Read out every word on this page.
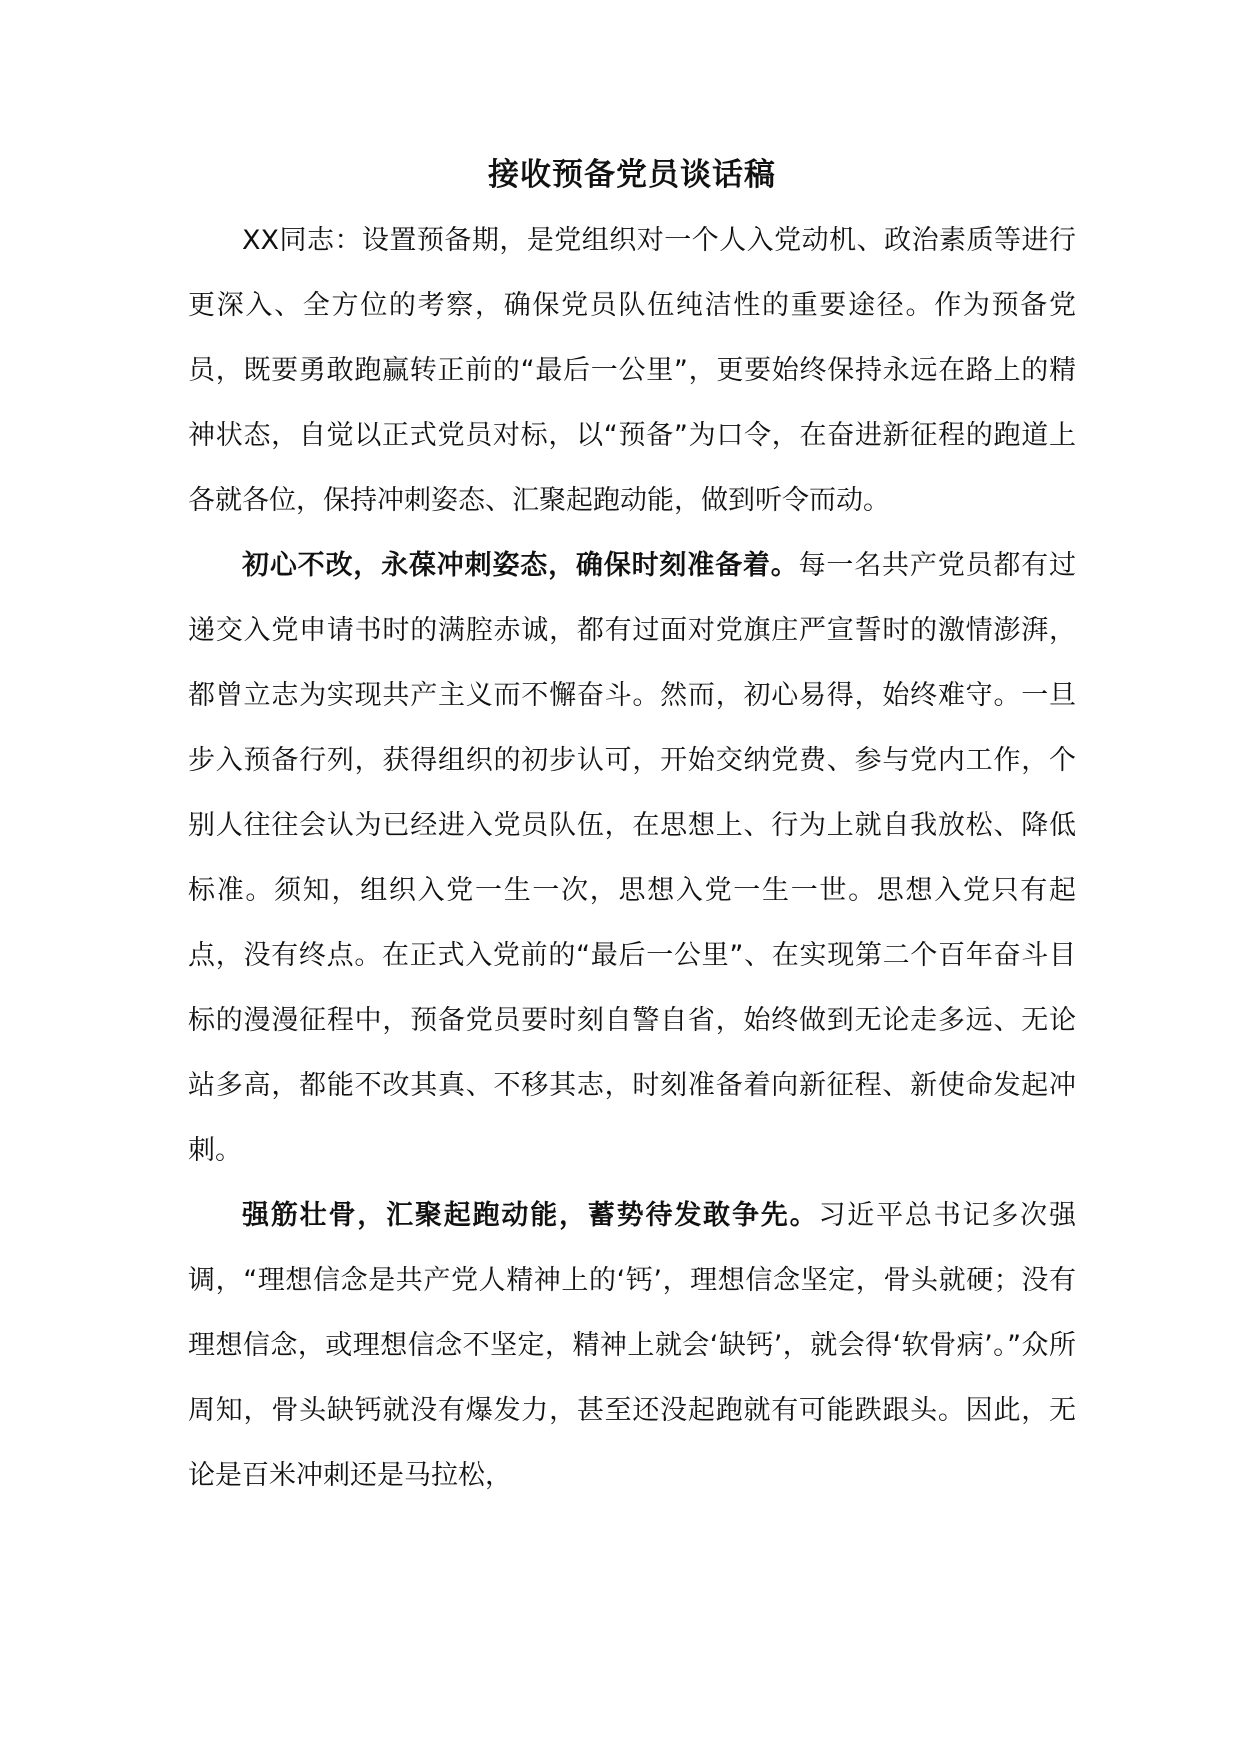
接收预备党员谈话稿

XX同志：设置预备期，是党组织对一个人入党动机、政治素质等进行更深入、全方位的考察，确保党员队伍纯洁性的重要途径。作为预备党员，既要勇敢跑赢转正前的“最后一公里”，更要始终保持永远在路上的精神状态，自觉以正式党员对标，以“预备”为口令，在奋进新征程的跑道上各就各位，保持冲刺姿态、汇聚起跑动能，做到听令而动。

初心不改，永葆冲刺姿态，确保时刻准备着。每一名共产党员都有过递交入党申请书时的满腔赤诚，都有过面对党旗庄严宣誓时的激情澎湃，都曾立志为实现共产主义而不懈奋斗。然而，初心易得，始终难守。一旦步入预备行列，获得组织的初步认可，开始交纳党费、参与党内工作，个别人往往会认为已经进入党员队伍，在思想上、行为上就自我放松、降低标准。须知，组织入党一生一次，思想入党一生一世。思想入党只有起点，没有终点。在正式入党前的“最后一公里”、在实现第二个百年奋斗目标的漫漫征程中，预备党员要时刻自警自省，始终做到无论走多远、无论站多高，都能不改其真、不移其志，时刻准备着向新征程、新使命发起冲刺。

强筋壮骨，汇聚起跑动能，蓄势待发敢争先。习近平总书记多次强调，“理想信念是共产党人精神上的‘钙’，理想信念坚定，骨头就硬；没有理想信念，或理想信念不坚定，精神上就会‘缺钙’，就会得‘软骨病’。”众所周知，骨头缺钙就没有爆发力，甚至还没起跑就有可能跌跟头。因此，无论是百米冲刺还是马拉松，
